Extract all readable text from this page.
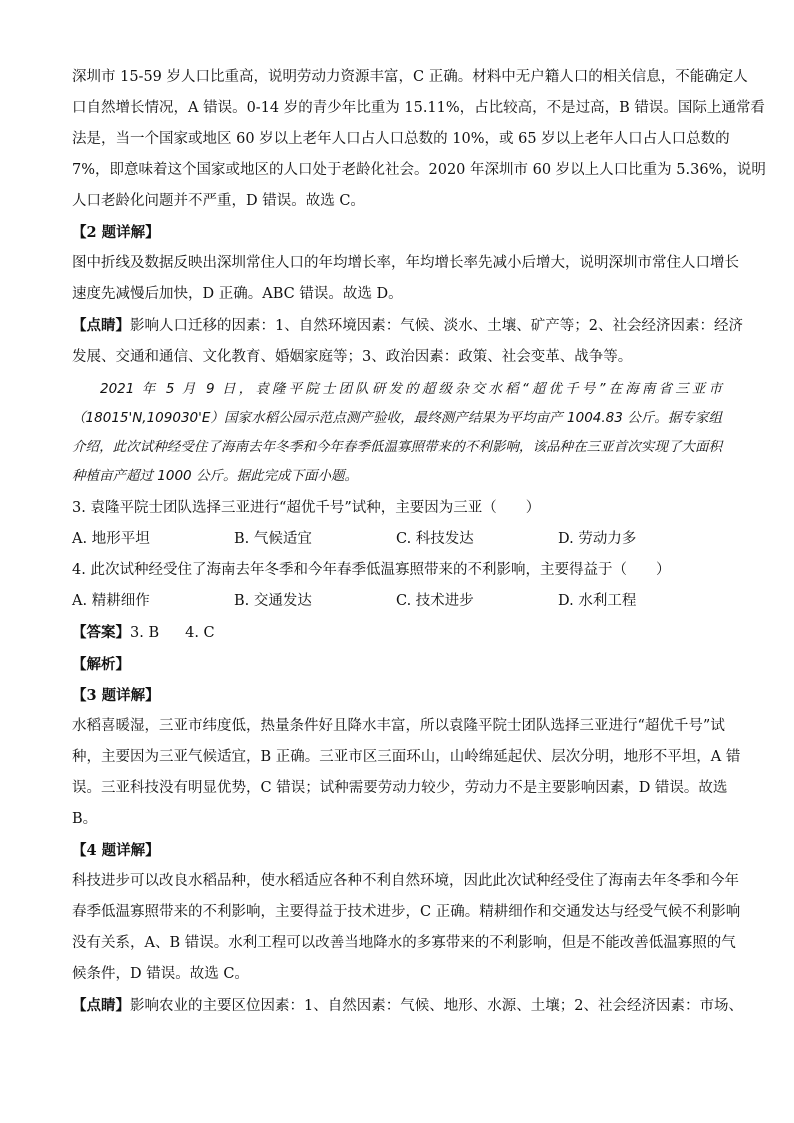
深圳市 15-59 岁人口比重高，说明劳动力资源丰富，C 正确。材料中无户籍人口的相关信息，不能确定人

口自然增长情况，A 错误。0-14 岁的青少年比重为 15.11%，占比较高，不是过高，B 错误。国际上通常看

法是，当一个国家或地区 60 岁以上老年人口占人口总数的 10%，或 65 岁以上老年人口占人口总数的

7%，即意味着这个国家或地区的人口处于老龄化社会。2020 年深圳市 60 岁以上人口比重为 5.36%，说明

人口老龄化问题并不严重，D 错误。故选 C。

【2 题详解】

图中折线及数据反映出深圳常住人口的年均增长率，年均增长率先减小后增大，说明深圳市常住人口增长

速度先减慢后加快，D 正确。ABC 错误。故选 D。

【点睛】影响人口迁移的因素：1、自然环境因素：气候、淡水、土壤、矿产等；2、社会经济因素：经济

发展、交通和通信、文化教育、婚姻家庭等；3、政治因素：政策、社会变革、战争等。

2021 年 5 月 9 日，袁隆平院士团队研发的超级杂交水稻“超优千号”在海南省三亚市（18015'N,109030'E）国家水稻公园示范点测产验收，最终测产结果为平均亩产 1004.83 公斤。据专家组介绍，此次试种经受住了海南去年冬季和今年春季低温寡照带来的不利影响，该品种在三亚首次实现了大面积种植亩产超过 1000 公斤。据此完成下面小题。

3. 袁隆平院士团队选择三亚进行“超优千号”试种，主要因为三亚（　　）

A. 地形平坦	B. 气候适宜	C. 科技发达	D. 劳动力多

4. 此次试种经受住了海南去年冬季和今年春季低温寡照带来的不利影响，主要得益于（　　）

A. 精耕细作	B. 交通发达	C. 技术进步	D. 水利工程

【答案】3. B 4. C

【解析】

【3 题详解】

水稻喜暖湿，三亚市纬度低，热量条件好且降水丰富，所以袁隆平院士团队选择三亚进行“超优千号”试

种，主要因为三亚气候适宜，B 正确。三亚市区三面环山，山岭绵延起伏、层次分明，地形不平坦，A 错

误。三亚科技没有明显优势，C 错误；试种需要劳动力较少，劳动力不是主要影响因素，D 错误。故选

B。

【4 题详解】

科技进步可以改良水稻品种，使水稻适应各种不利自然环境，因此此次试种经受住了海南去年冬季和今年

春季低温寡照带来的不利影响，主要得益于技术进步，C 正确。精耕细作和交通发达与经受气候不利影响

没有关系，A、B 错误。水利工程可以改善当地降水的多寡带来的不利影响，但是不能改善低温寡照的气

候条件，D 错误。故选 C。

【点睛】影响农业的主要区位因素：1、自然因素：气候、地形、水源、土壤；2、社会经济因素：市场、
